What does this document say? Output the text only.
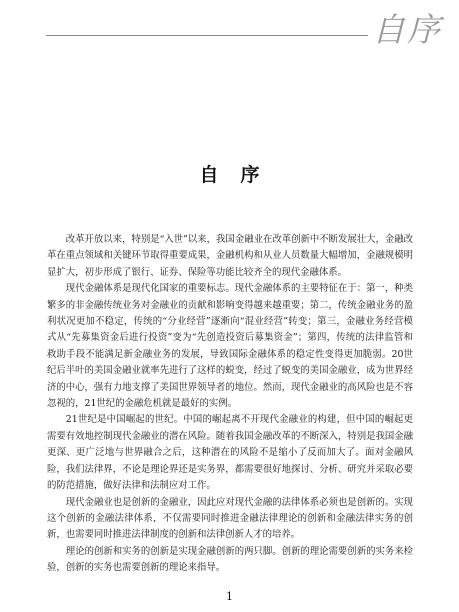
自序
自序

改革开放以来，特别是“入世”以来，我国金融业在改革创新中不断发展壮大，金融改革在重点领域和关键环节取得重要成果，金融机构和从业人员数量大幅增加，金融规模明显扩大，初步形成了银行、证券、保险等功能比较齐全的现代金融体系。

现代金融体系是现代化国家的重要标志。现代金融体系的主要特征在于：第一，种类繁多的非金融传统业务对金融业的贡献和影响变得越来越重要；第二，传统金融业务的盈利状况更加不稳定，传统的“分业经营”逐渐向“混业经营”转变；第三，金融业务经营模式从“先募集资金后进行投资”变为“先创造投资后募集资金”；第四，传统的法律监管和救助手段不能满足新金融业务的发展，导致国际金融体系的稳定性变得更加脆弱。20世纪后半叶的美国金融业就率先进行了这样的蜕变，经过了蜕变的美国金融业，成为世界经济的中心，强有力地支撑了美国世界领导者的地位。然而，现代金融业的高风险也是不容忽视的，21世纪的金融危机就是最好的实例。

21世纪是中国崛起的世纪。中国的崛起离不开现代金融业的构建，但中国的崛起更需要有效地控制现代金融业的潜在风险。随着我国金融改革的不断深入，特别是我国金融更深、更广泛地与世界融合之后，这种潜在的风险不是缩小了反而加大了。面对金融风险，我们法律界，不论是理论界还是实务界，都需要很好地探讨、分析、研究并采取必要的防范措施，做好法律和法制应对工作。

现代金融业也是创新的金融业，因此应对现代金融的法律体系必须也是创新的。实现这个创新的金融法律体系，不仅需要同时推进金融法律理论的创新和金融法律实务的创新，也需要同时推进法律制度的创新和法律创新人才的培养。

理论的创新和实务的创新是实现金融创新的两只脚。创新的理论需要创新的实务来检验，创新的实务也需要创新的理论来指导。

1
